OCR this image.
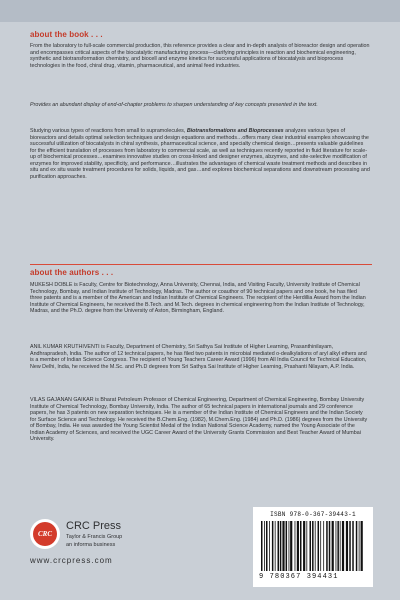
about the book . . .

From the laboratory to full-scale commercial production, this reference provides a clear and in-depth analysis of bioreactor design and operation and encompasses critical aspects of the biocatalytic manufacturing process—clarifying principles in reaction and biochemical engineering, synthetic and biotransformation chemistry, and biocell and enzyme kinetics for successful applications of biocatalysis and bioprocess technologies in the food, chiral drug, vitamin, pharmaceutical, and animal feed industries.

Provides an abundant display of end-of-chapter problems to sharpen understanding of key concepts presented in the text.

Studying various types of reactions from small to supramolecules, Biotransformations and Bioprocesses analyzes various types of bioreactors and details optimal selection techniques and design equations and methods…offers many clear industrial examples showcasing the successful utilization of biocatalysts in chiral synthesis, pharmaceutical science, and specialty chemical design…presents valuable guidelines for the efficient translation of processes from laboratory to commercial scale, as well as techniques recently reported in fluid literature for scale-up of biochemical processes…examines innovative studies on cross-linked and designer enzymes, abzymes, and site-selective modification of enzymes for improved stability, specificity, and performance…illustrates the advantages of chemical waste treatment methods and describes in situ and ex situ waste treatment procedures for solids, liquids, and gas…and explores biochemical separations and downstream processing and purification approaches.

about the authors . . .

MUKESH DOBLE is Faculty, Centre for Biotechnology, Anna University, Chennai, India, and Visiting Faculty, University Institute of Chemical Technology, Bombay, and Indian Institute of Technology, Madras. The author or coauthor of 90 technical papers and one book, he has filed three patents and is a member of the American and Indian Institute of Chemical Engineers. The recipient of the Herdillia Award from the Indian Institute of Chemical Engineers, he received the B.Tech. and M.Tech. degrees in chemical engineering from the Indian Institute of Technology, Madras, and the Ph.D. degree from the University of Aston, Birmingham, England.

ANIL KUMAR KRUTHIVENTI is Faculty, Department of Chemistry, Sri Sathya Sai Institute of Higher Learning, Prasanthinilayam, Andhrapradesh, India. The author of 12 technical papers, he has filed two patents in microbial mediated o-dealkylations of aryl alkyl ethers and is a member of Indian Science Congress. The recipient of Young Teachers Career Award (1996) from All India Council for Technical Education, New Delhi, India, he received the M.Sc. and Ph.D degrees from Sri Sathya Sai Institute of Higher Learning, Prashanti Nilayam, A.P. India.

VILAS GAJANAN GAIKAR is Bharat Petroleum Professor of Chemical Engineering, Department of Chemical Engineering, Bombay University Institute of Chemical Technology, Bombay University, India. The author of 65 technical papers in international journals and 29 conference papers, he has 3 patents on new separation techniques. He is a member of the Indian Institute of Chemical Engineers and the Indian Society for Surface Science and Technology. He received the B.Chem.Eng. (1982), M.Chem.Eng. (1984) and Ph.D. (1986) degrees from the University of Bombay, India. He was awarded the Young Scientist Medal of the Indian National Science Academy, named the Young Associate of the Indian Academy of Sciences, and received the UGC Career Award of the University Grants Commission and Best Teacher Award of Mumbai University.

CRC
CRC Press
Taylor & Francis Group
an informa business
www.crcpress.com
ISBN 978-0-367-39443-1
9 780367 394431
